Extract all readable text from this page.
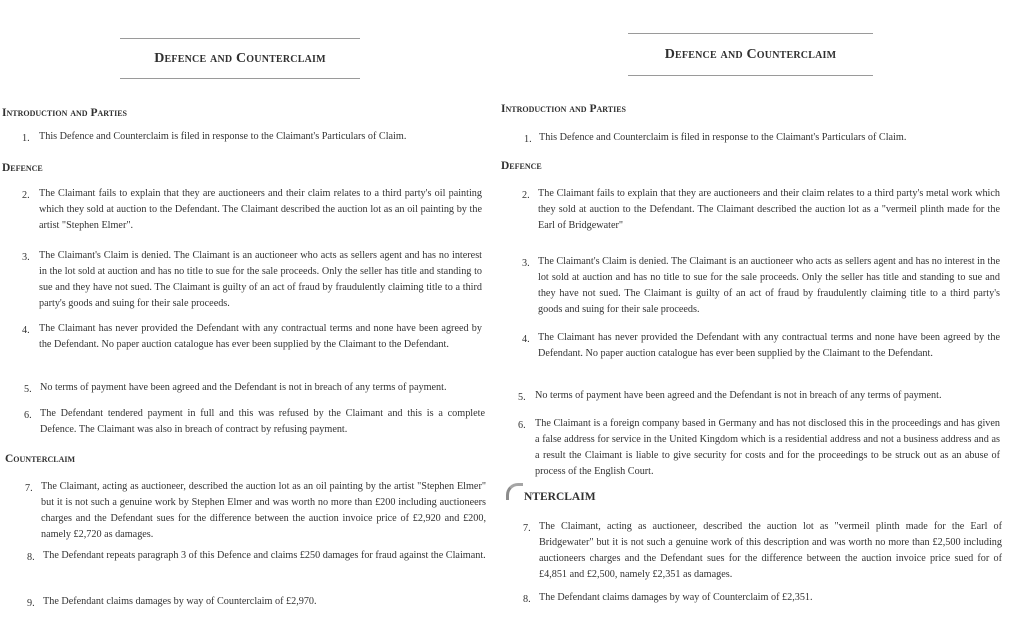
Defence and Counterclaim
Introduction and Parties
1. This Defence and Counterclaim is filed in response to the Claimant's Particulars of Claim.
Defence
2. The Claimant fails to explain that they are auctioneers and their claim relates to a third party's oil painting which they sold at auction to the Defendant. The Claimant described the auction lot as an oil painting by the artist "Stephen Elmer".
3. The Claimant's Claim is denied. The Claimant is an auctioneer who acts as sellers agent and has no interest in the lot sold at auction and has no title to sue for the sale proceeds. Only the seller has title and standing to sue and they have not sued. The Claimant is guilty of an act of fraud by fraudulently claiming title to a third party's goods and suing for their sale proceeds.
4. The Claimant has never provided the Defendant with any contractual terms and none have been agreed by the Defendant. No paper auction catalogue has ever been supplied by the Claimant to the Defendant.
5. No terms of payment have been agreed and the Defendant is not in breach of any terms of payment.
6. The Defendant tendered payment in full and this was refused by the Claimant and this is a complete Defence. The Claimant was also in breach of contract by refusing payment.
Counterclaim
7. The Claimant, acting as auctioneer, described the auction lot as an oil painting by the artist "Stephen Elmer" but it is not such a genuine work by Stephen Elmer and was worth no more than £200 including auctioneers charges and the Defendant sues for the difference between the auction invoice price of £2,920 and £200, namely £2,720 as damages.
8. The Defendant repeats paragraph 3 of this Defence and claims £250 damages for fraud against the Claimant.
9. The Defendant claims damages by way of Counterclaim of £2,970.
Defence and Counterclaim
Introduction and Parties
1. This Defence and Counterclaim is filed in response to the Claimant's Particulars of Claim.
Defence
2. The Claimant fails to explain that they are auctioneers and their claim relates to a third party's metal work which they sold at auction to the Defendant. The Claimant described the auction lot as a "vermeil plinth made for the Earl of Bridgewater"
3. The Claimant's Claim is denied. The Claimant is an auctioneer who acts as sellers agent and has no interest in the lot sold at auction and has no title to sue for the sale proceeds. Only the seller has title and standing to sue and they have not sued. The Claimant is guilty of an act of fraud by fraudulently claiming title to a third party's goods and suing for their sale proceeds.
4. The Claimant has never provided the Defendant with any contractual terms and none have been agreed by the Defendant. No paper auction catalogue has ever been supplied by the Claimant to the Defendant.
5. No terms of payment have been agreed and the Defendant is not in breach of any terms of payment.
6. The Claimant is a foreign company based in Germany and has not disclosed this in the proceedings and has given a false address for service in the United Kingdom which is a residential address and not a business address and as a result the Claimant is liable to give security for costs and for the proceedings to be struck out as an abuse of process of the English Court.
NTERCLAIM
7. The Claimant, acting as auctioneer, described the auction lot as "vermeil plinth made for the Earl of Bridgewater" but it is not such a genuine work of this description and was worth no more than £2,500 including auctioneers charges and the Defendant sues for the difference between the auction invoice price sued for of £4,851 and £2,500, namely £2,351 as damages.
8. The Defendant claims damages by way of Counterclaim of £2,351.
